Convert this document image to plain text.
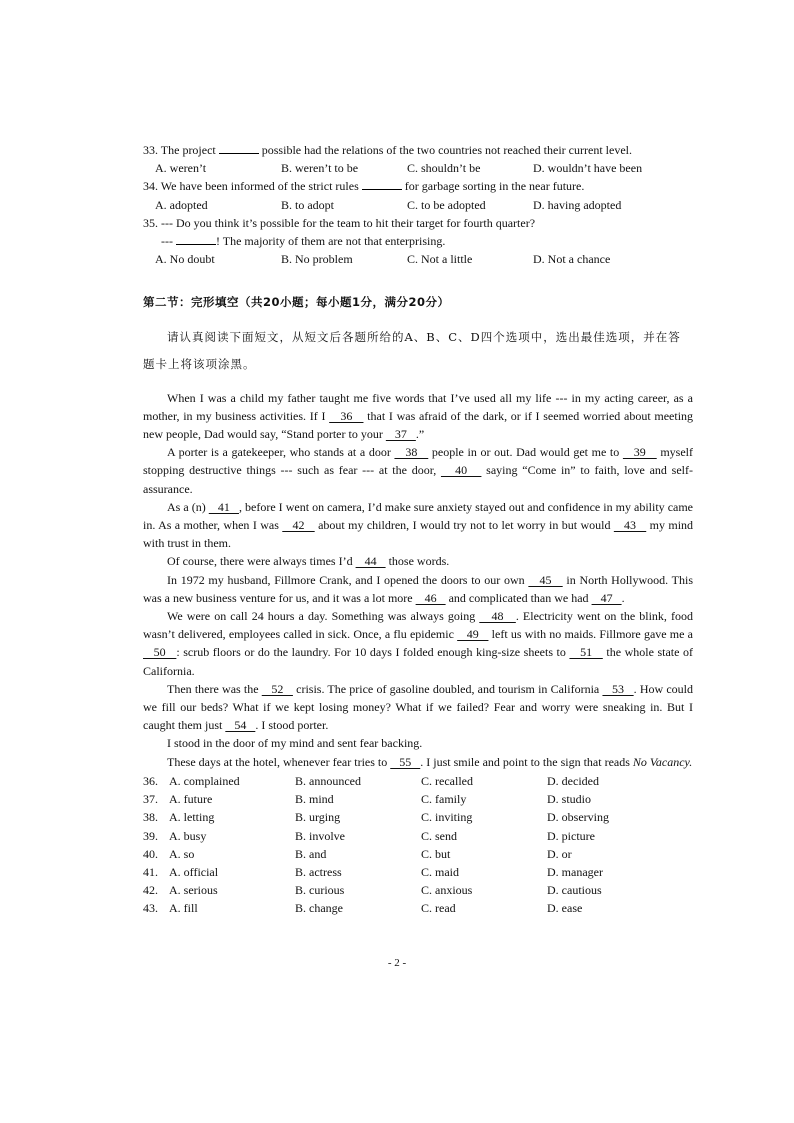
33. The project	possible had the relations of the two countries not reached their current level.

A. weren’t	B. weren’t to be	C. shouldn’t be	D. wouldn’t have been

34. We have been informed of the strict rules	for garbage sorting in the near future.

A. adopted	B. to adopt	C. to be adopted	D. having adopted

35. --- Do you think it’s possible for the team to hit their target for fourth quarter?

---	! The majority of them are not that enterprising.

A. No doubt	B. No problem	C. Not a little	D. Not a chance

第二节：完形填空（共20小题；每小题1分，满分20分）

请认真阅读下面短文，从短文后各题所给的A、B、C、D四个选项中，选出最佳选项，并在答题卡上将该项涂黑。

When I was a child my father taught me five words that I’ve used all my life --- in my acting career, as a mother, in my business activities. If I    36    that I was afraid of the dark, or if I seemed worried about meeting new people, Dad would say, “Stand porter to your    37   .”

A porter is a gatekeeper, who stands at a door    38    people in or out. Dad would get me to    39    myself stopping destructive things --- such as fear --- at the door,    40    saying “Come in” to faith, love and self-assurance.

As a (n)    41   , before I went on camera, I’d make sure anxiety stayed out and confidence in my ability came in. As a mother, when I was    42    about my children, I would try not to let worry in but would    43    my mind with trust in them.

Of course, there were always times I’d    44    those words.

In 1972 my husband, Fillmore Crank, and I opened the doors to our own    45    in North Hollywood. This was a new business venture for us, and it was a lot more    46    and complicated than we had    47   .

We were on call 24 hours a day. Something was always going    48   . Electricity went on the blink, food wasn’t delivered, employees called in sick. Once, a flu epidemic    49    left us with no maids. Fillmore gave me a    50   : scrub floors or do the laundry. For 10 days I folded enough king-size sheets to    51    the whole state of California.

Then there was the    52    crisis. The price of gasoline doubled, and tourism in California    53   . How could we fill our beds? What if we kept losing money? What if we failed? Fear and worry were sneaking in. But I caught them just    54   . I stood porter.

I stood in the door of my mind and sent fear backing.

These days at the hotel, whenever fear tries to    55   . I just smile and point to the sign that reads No Vacancy.

36. A. complained	B. announced	C. recalled	D. decided
37. A. future	B. mind	C. family	D. studio
38. A. letting	B. urging	C. inviting	D. observing
39. A. busy	B. involve	C. send	D. picture
40. A. so	B. and	C. but	D. or
41. A. official	B. actress	C. maid	D. manager
42. A. serious	B. curious	C. anxious	D. cautious
43. A. fill	B. change	C. read	D. ease
- 2 -
